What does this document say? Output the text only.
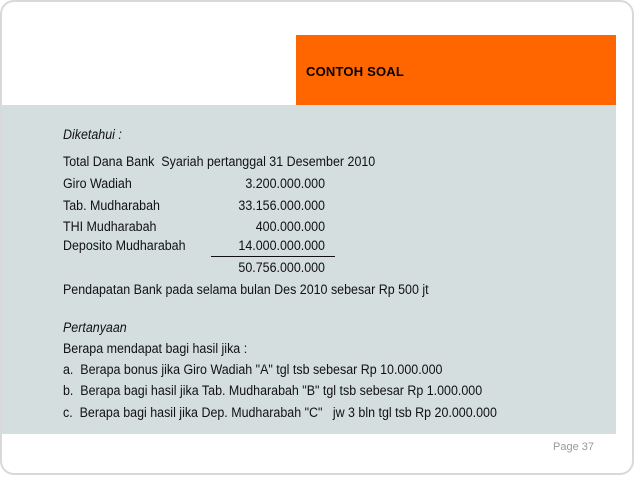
CONTOH SOAL
Diketahui :
Total Dana Bank  Syariah pertanggal 31 Desember 2010
Giro Wadiah	3.200.000.000
Tab. Mudharabah	33.156.000.000
THI Mudharabah	400.000.000
Deposito Mudharabah	14.000.000.000
50.756.000.000
Pendapatan Bank pada selama bulan Des 2010 sebesar Rp 500 jt
Pertanyaan
Berapa mendapat bagi hasil jika :
a.  Berapa bonus jika Giro Wadiah "A" tgl tsb sebesar Rp 10.000.000
b.  Berapa bagi hasil jika Tab. Mudharabah "B" tgl tsb sebesar Rp 1.000.000
c.  Berapa bagi hasil jika Dep. Mudharabah "C"   jw 3 bln tgl tsb Rp 20.000.000
Page 37
